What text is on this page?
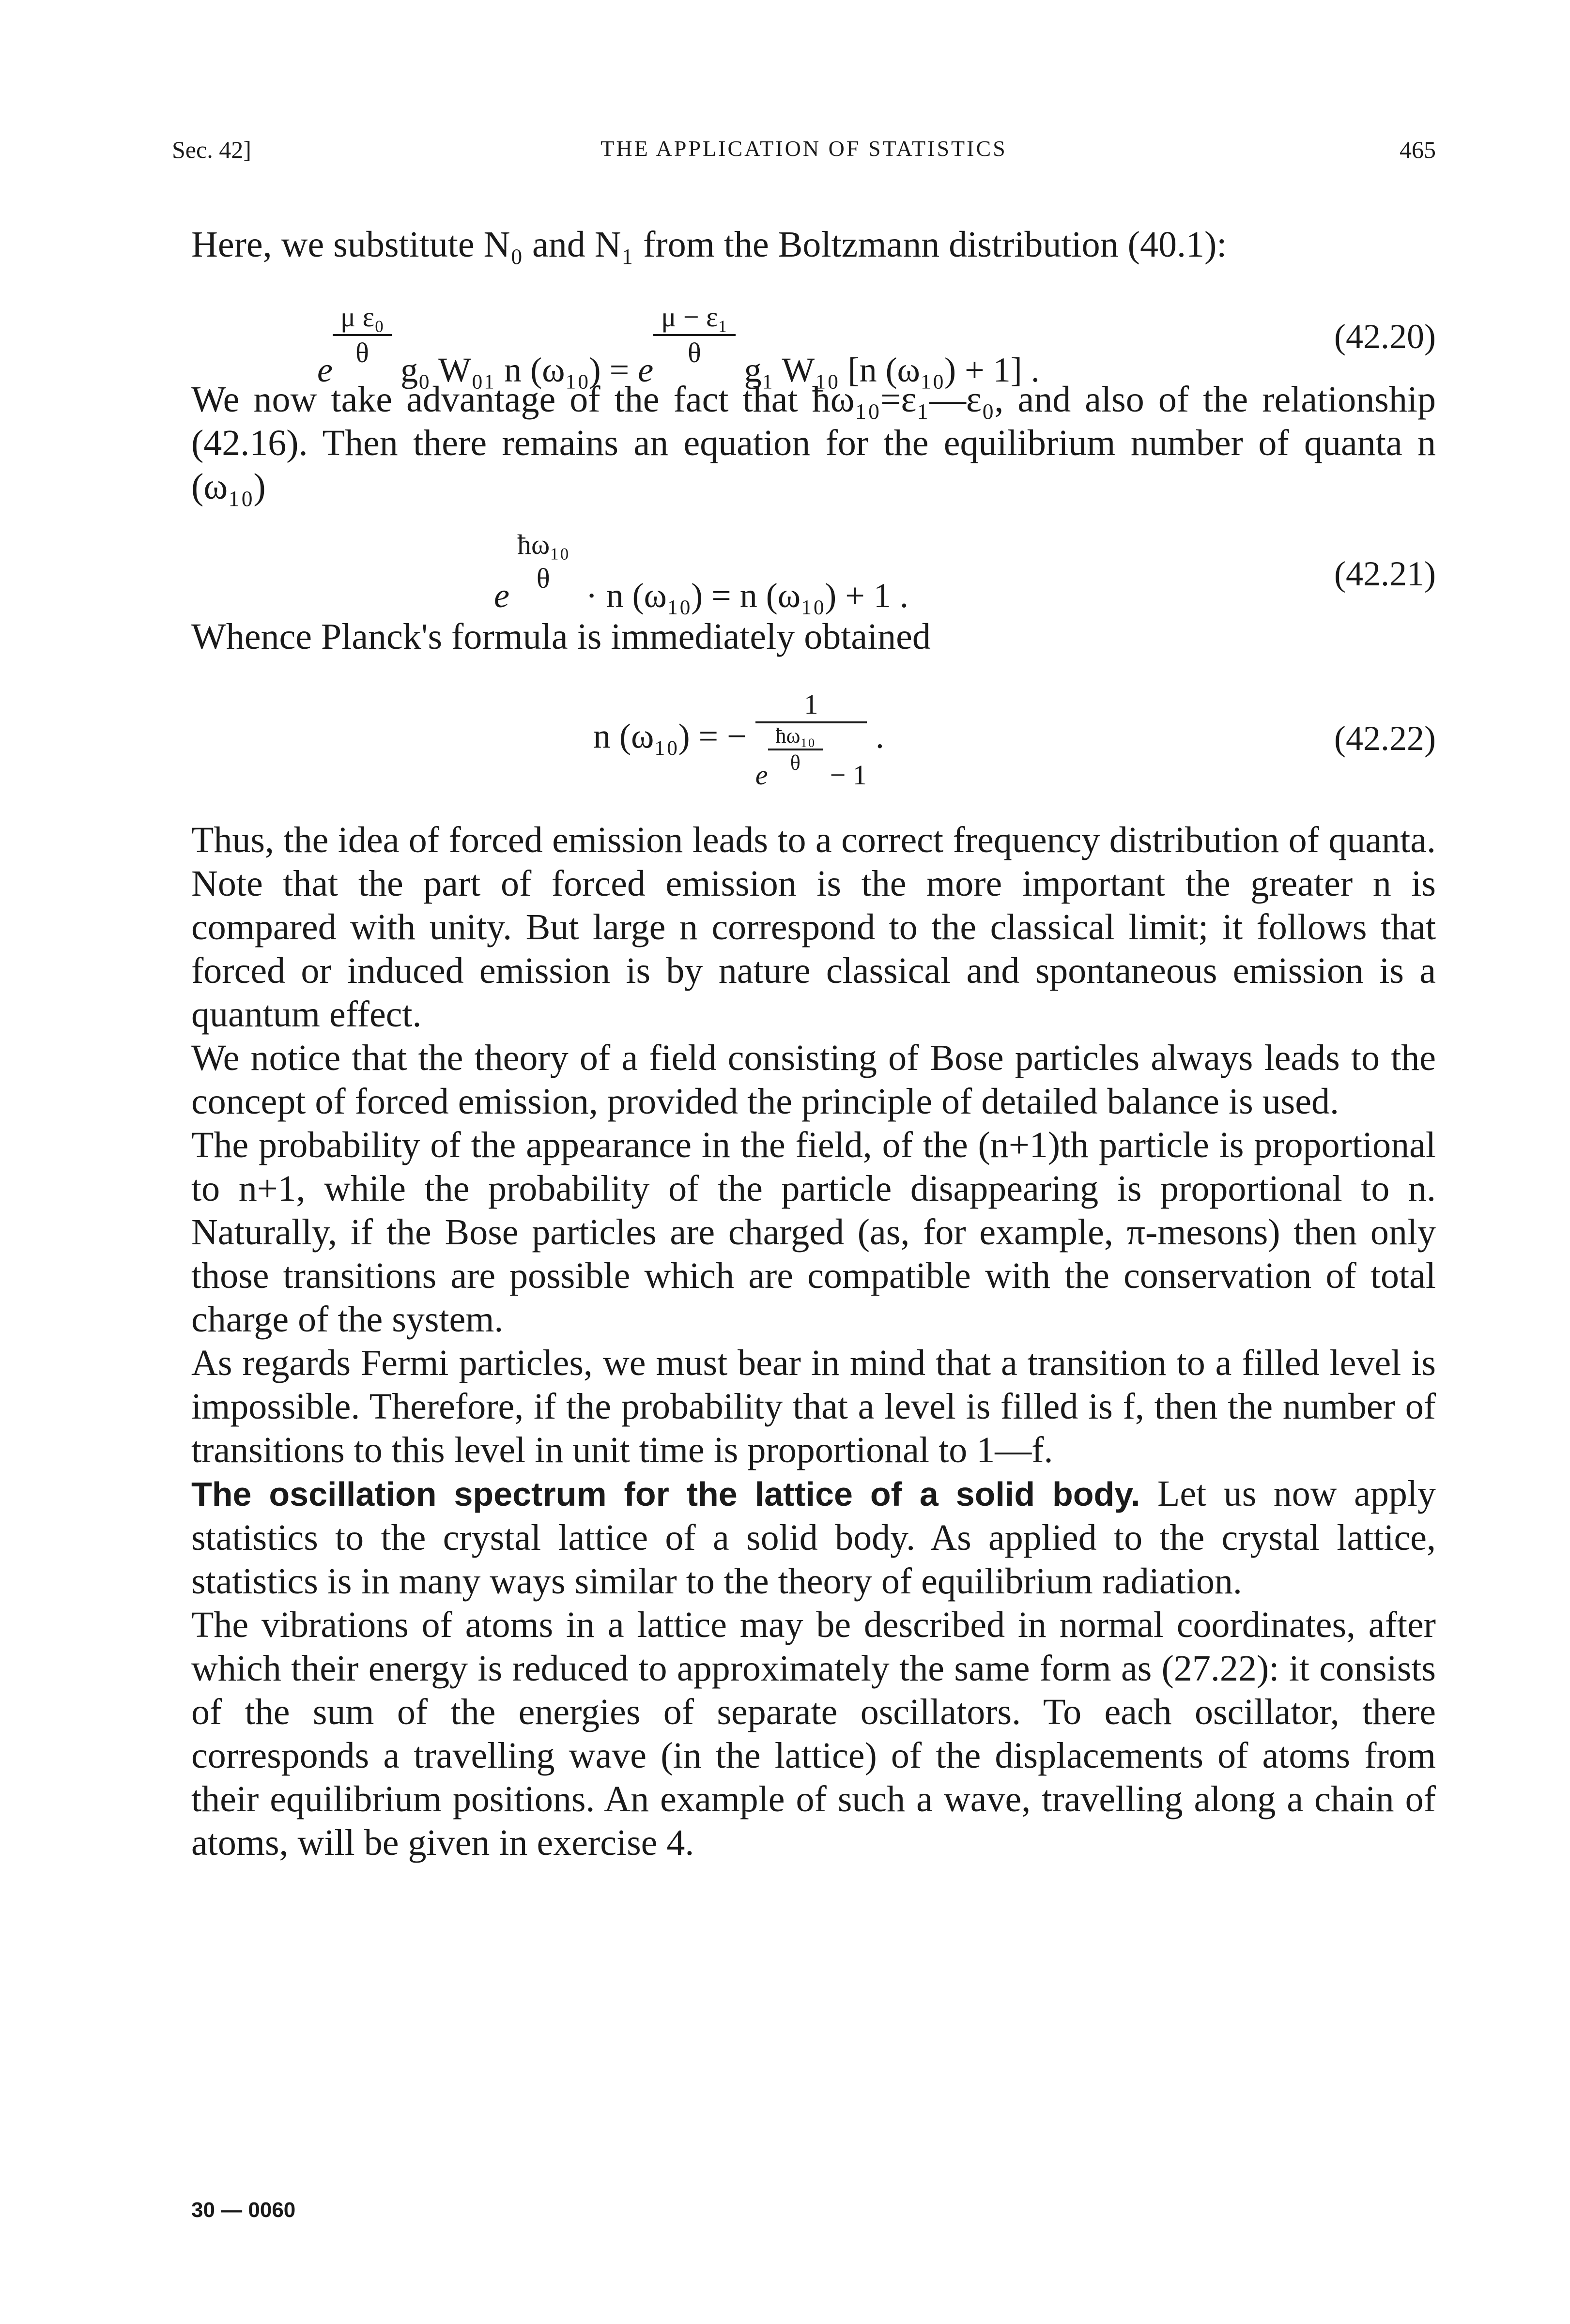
Sec. 42]	THE APPLICATION OF STATISTICS	465

Here, we substitute N₀ and N₁ from the Boltzmann distribution (40.1):

e $\frac{\text{μ ε₀}}{\theta} g_0$ W₀₁ n (ω₁₀) = e $\frac{\text{μ − ε₁}}{\theta} g_1$ W₁₀ [n (ω₁₀) + 1] .
(42.20)

We now take advantage of the fact that ħω₁₀=ε₁—ε₀, and also of the relationship (42.16). Then there remains an equation for the equilibrium number of quanta n (ω₁₀)

e
ħω₁₀
θ	· n (ω₁₀) = n (ω₁₀) + 1 .
(42.21)

Whence Planck's formula is immediately obtained

n (ω₁₀) = − $\frac{1}{e \frac{\text{ħω₁₀}}{\theta} - 1}$ .	(42.22)

Thus, the idea of forced emission leads to a correct frequency distribution of quanta. Note that the part of forced emission is the more important the greater n is compared with unity. But large n correspond to the classical limit; it follows that forced or induced emission is by nature classical and spontaneous emission is a quantum effect.

We notice that the theory of a field consisting of Bose particles always leads to the concept of forced emission, provided the principle of detailed balance is used.

The probability of the appearance in the field, of the (n+1)th particle is proportional to n+1, while the probability of the particle disappearing is proportional to n. Naturally, if the Bose particles are charged (as, for example, π-mesons) then only those transitions are possible which are compatible with the conservation of total charge of the system.

As regards Fermi particles, we must bear in mind that a transition to a filled level is impossible. Therefore, if the probability that a level is filled is f, then the number of transitions to this level in unit time is proportional to 1—f.

The oscillation spectrum for the lattice of a solid body. Let us now apply statistics to the crystal lattice of a solid body. As applied to the crystal lattice, statistics is in many ways similar to the theory of equilibrium radiation.

The vibrations of atoms in a lattice may be described in normal coordinates, after which their energy is reduced to approximately the same form as (27.22): it consists of the sum of the energies of separate oscillators. To each oscillator, there corresponds a travelling wave (in the lattice) of the displacements of atoms from their equilibrium positions. An example of such a wave, travelling along a chain of atoms, will be given in exercise 4.

30 — 0060
